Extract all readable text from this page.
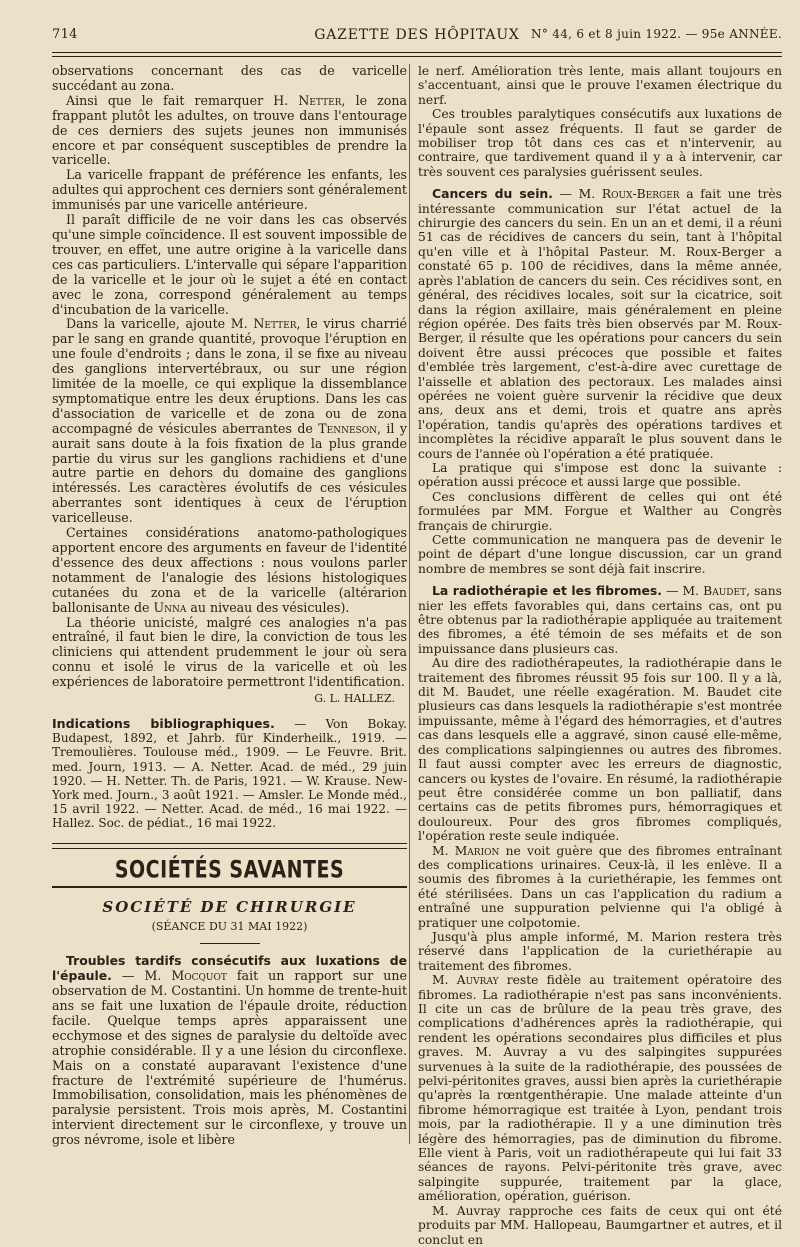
714	GAZETTE DES HÔPITAUX N° 44, 6 et 8 juin 1922. — 95e ANNÉE.

observations concernant des cas de varicelle succédant au zona.

Ainsi que le fait remarquer H. Netter, le zona frappant plutôt les adultes, on trouve dans l'entourage de ces derniers des sujets jeunes non immunisés encore et par conséquent susceptibles de prendre la varicelle.

La varicelle frappant de préférence les enfants, les adultes qui approchent ces derniers sont généralement immunisés par une varicelle antérieure.

Il paraît difficile de ne voir dans les cas observés qu'une simple coïncidence. Il est souvent impossible de trouver, en effet, une autre origine à la varicelle dans ces cas particuliers. L'intervalle qui sépare l'apparition de la varicelle et le jour où le sujet a été en contact avec le zona, correspond généralement au temps d'incubation de la varicelle.

Dans la varicelle, ajoute M. Netter, le virus charrié par le sang en grande quantité, provoque l'éruption en une foule d'endroits ; dans le zona, il se fixe au niveau des ganglions intervertébraux, ou sur une région limitée de la moelle, ce qui explique la dissemblance symptomatique entre les deux éruptions. Dans les cas d'association de varicelle et de zona ou de zona accompagné de vésicules aberrantes de Tenneson, il y aurait sans doute à la fois fixation de la plus grande partie du virus sur les ganglions rachidiens et d'une autre partie en dehors du domaine des ganglions intéressés. Les caractères évolutifs de ces vésicules aberrantes sont identiques à ceux de l'éruption varicelleuse.

Certaines considérations anatomo-pathologiques apportent encore des arguments en faveur de l'identité d'essence des deux affections : nous voulons parler notamment de l'analogie des lésions histologiques cutanées du zona et de la varicelle (altérarion ballonisante de Unna au niveau des vésicules).

La théorie unicisté, malgré ces analogies n'a pas entraîné, il faut bien le dire, la conviction de tous les cliniciens qui attendent prudemment le jour où sera connu et isolé le virus de la varicelle et où les expériences de laboratoire permettront l'identification.

G. L. HALLEZ.

Indications bibliographiques. — Von Bokay. Budapest, 1892, et Jahrb. für Kinderheilk., 1919. — Tremoulières. Toulouse méd., 1909. — Le Feuvre. Brit. med. Journ, 1913. — A. Netter. Acad. de méd., 29 juin 1920. — H. Netter. Th. de Paris, 1921. — W. Krause. New-York med. Journ., 3 août 1921. — Amsler. Le Monde méd., 15 avril 1922. — Netter. Acad. de méd., 16 mai 1922. — Hallez. Soc. de pédiat., 16 mai 1922.

SOCIÉTÉS SAVANTES
SOCIÉTÉ DE CHIRURGIE
(SÉANCE DU 31 MAI 1922)

Troubles tardifs consécutifs aux luxations de l'épaule. — M. Mocquot fait un rapport sur une observation de M. Costantini. Un homme de trente-huit ans se fait une luxation de l'épaule droite, réduction facile. Quelque temps après apparaissent une ecchymose et des signes de paralysie du deltoïde avec atrophie considérable. Il y a une lésion du circonflexe. Mais on a constaté auparavant l'existence d'une fracture de l'extrémité supérieure de l'humérus. Immobilisation, consolidation, mais les phénomènes de paralysie persistent. Trois mois après, M. Costantini intervient directement sur le circonflexe, y trouve un gros névrome, isole et libère

le nerf. Amélioration très lente, mais allant toujours en s'accentuant, ainsi que le prouve l'examen électrique du nerf.

Ces troubles paralytiques consécutifs aux luxations de l'épaule sont assez fréquents. Il faut se garder de mobiliser trop tôt dans ces cas et n'intervenir, au contraire, que tardivement quand il y a à intervenir, car très souvent ces paralysies guérissent seules.

Cancers du sein. — M. Roux-Berger a fait une très intéressante communication sur l'état actuel de la chirurgie des cancers du sein. En un an et demi, il a réuni 51 cas de récidives de cancers du sein, tant à l'hôpital qu'en ville et à l'hôpital Pasteur. M. Roux-Berger a constaté 65 p. 100 de récidives, dans la même année, après l'ablation de cancers du sein. Ces récidives sont, en général, des récidives locales, soit sur la cicatrice, soit dans la région axillaire, mais généralement en pleine région opérée. Des faits très bien observés par M. Roux-Berger, il résulte que les opérations pour cancers du sein doivent être aussi précoces que possible et faites d'emblée très largement, c'est-à-dire avec curettage de l'aisselle et ablation des pectoraux. Les malades ainsi opérées ne voient guère survenir la récidive que deux ans, deux ans et demi, trois et quatre ans après l'opération, tandis qu'après des opérations tardives et incomplètes la récidive apparaît le plus souvent dans le cours de l'année où l'opération a été pratiquée.

La pratique qui s'impose est donc la suivante : opération aussi précoce et aussi large que possible.

Ces conclusions diffèrent de celles qui ont été formulées par MM. Forgue et Walther au Congrès français de chirurgie.

Cette communication ne manquera pas de devenir le point de départ d'une longue discussion, car un grand nombre de membres se sont déjà fait inscrire.

La radiothérapie et les fibromes. — M. Baudet, sans nier les effets favorables qui, dans certains cas, ont pu être obtenus par la radiothérapie appliquée au traitement des fibromes, a été témoin de ses méfaits et de son impuissance dans plusieurs cas.

Au dire des radiothérapeutes, la radiothérapie dans le traitement des fibromes réussit 95 fois sur 100. Il y a là, dit M. Baudet, une réelle exagération. M. Baudet cite plusieurs cas dans lesquels la radiothérapie s'est montrée impuissante, même à l'égard des hémorragies, et d'autres cas dans lesquels elle a aggravé, sinon causé elle-même, des complications salpingiennes ou autres des fibromes. Il faut aussi compter avec les erreurs de diagnostic, cancers ou kystes de l'ovaire. En résumé, la radiothérapie peut être considérée comme un bon palliatif, dans certains cas de petits fibromes purs, hémorragiques et douloureux. Pour des gros fibromes compliqués, l'opération reste seule indiquée.

M. Marion ne voit guère que des fibromes entraînant des complications urinaires. Ceux-là, il les enlève. Il a soumis des fibromes à la curiethérapie, les femmes ont été stérilisées. Dans un cas l'application du radium a entraîné une suppuration pelvienne qui l'a obligé à pratiquer une colpotomie.

Jusqu'à plus ample informé, M. Marion restera très réservé dans l'application de la curiethérapie au traitement des fibromes.

M. Auvray reste fidèle au traitement opératoire des fibromes. La radiothérapie n'est pas sans inconvénients. Il cite un cas de brûlure de la peau très grave, des complications d'adhérences après la radiothérapie, qui rendent les opérations secondaires plus difficiles et plus graves. M. Auvray a vu des salpingites suppurées survenues à la suite de la radiothérapie, des poussées de pelvi-péritonites graves, aussi bien après la curiethérapie qu'après la rœntgenthérapie. Une malade atteinte d'un fibrome hémorragique est traitée à Lyon, pendant trois mois, par la radiothérapie. Il y a une diminution très légère des hémorragies, pas de diminution du fibrome. Elle vient à Paris, voit un radiothérapeute qui lui fait 33 séances de rayons. Pelvi-péritonite très grave, avec salpingite suppurée, traitement par la glace, amélioration, opération, guérison.

M. Auvray rapproche ces faits de ceux qui ont été produits par MM. Hallopeau, Baumgartner et autres, et il conclut en
